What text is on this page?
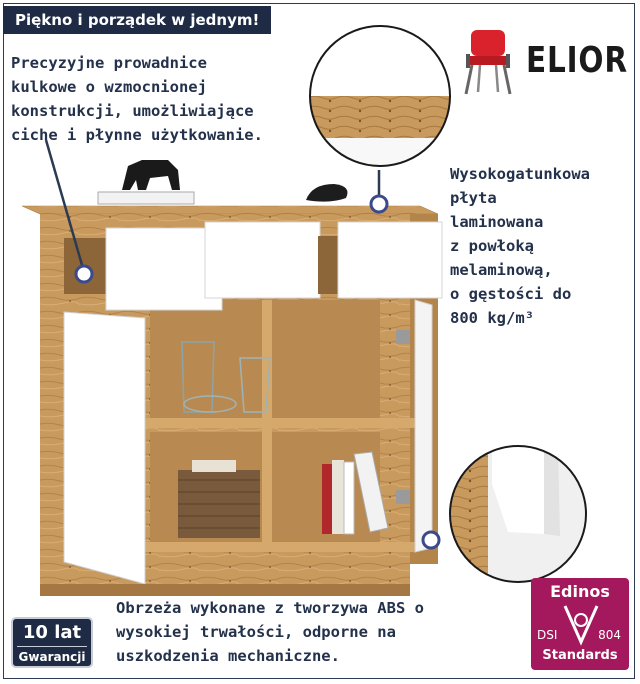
Piękno i porządek w jednym!
ELIOR
Precyzyjne prowadnice
kulkowe o wzmocnionej
konstrukcji, umożliwiające
ciche i płynne użytkowanie.
Wysokogatunkowa
płyta
laminowana
z powłoką
melaminową,
o gęstości do
800 kg/m³
Obrzeża wykonane z tworzywa ABS o
wysokiej trwałości, odporne na
uszkodzenia mechaniczne.
10 lat
Gwarancji
Edinos
DSI	804
Standards
